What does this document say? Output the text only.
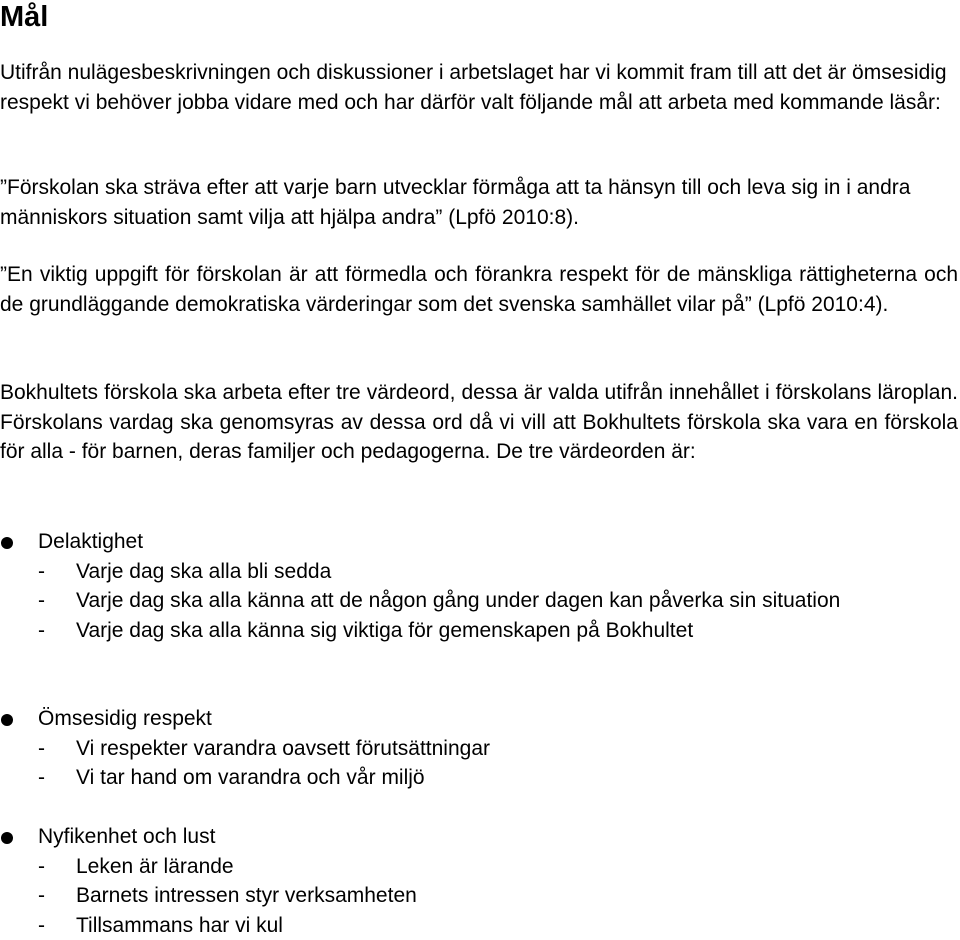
Mål

Utifrån nulägesbeskrivningen och diskussioner i arbetslaget har vi kommit fram till att det är ömsesidig respekt vi behöver jobba vidare med och har därför valt följande mål att arbeta med kommande läsår:

”Förskolan ska sträva efter att varje barn utvecklar förmåga att ta hänsyn till och leva sig in i andra människors situation samt vilja att hjälpa andra” (Lpfö 2010:8).

”En viktig uppgift för förskolan är att förmedla och förankra respekt för de mänskliga rättigheterna och de grundläggande demokratiska värderingar som det svenska samhället vilar på” (Lpfö 2010:4).

Bokhultets förskola ska arbeta efter tre värdeord, dessa är valda utifrån innehållet i förskolans läroplan. Förskolans vardag ska genomsyras av dessa ord då vi vill att Bokhultets förskola ska vara en förskola för alla - för barnen, deras familjer och pedagogerna. De tre värdeorden är:

Delaktighet
- Varje dag ska alla bli sedda
- Varje dag ska alla känna att de någon gång under dagen kan påverka sin situation
- Varje dag ska alla känna sig viktiga för gemenskapen på Bokhultet
Ömsesidig respekt
- Vi respekter varandra oavsett förutsättningar
- Vi tar hand om varandra och vår miljö
Nyfikenhet och lust
- Leken är lärande
- Barnets intressen styr verksamheten
- Tillsammans har vi kul
